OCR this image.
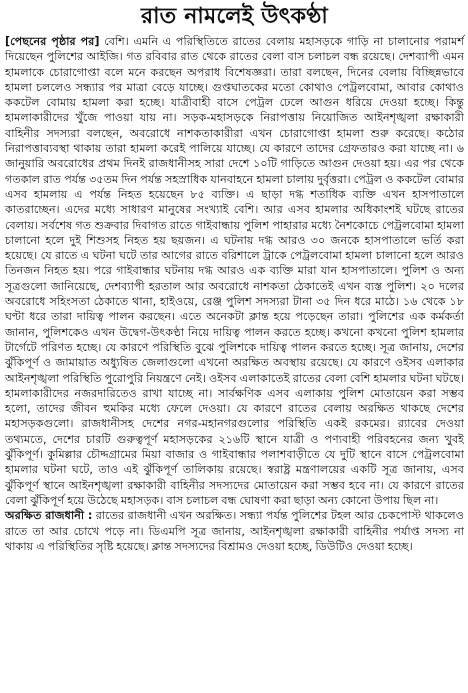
রাত নামলেই উৎকণ্ঠা

[পেছনের পৃষ্ঠার পর] বেশি। এমনি এ পরিস্থিতিতে রাতের বেলায় মহাসড়কে গাড়ি না চালানোর পরামর্শ দিয়েছেন পুলিশের আইজি। গত রবিবার রাত থেকে রাতের বেলা বাস চলাচল বন্ধ রয়েছে। দেশব্যাপী এমন হামলাকে চোরাগোপ্তা বলে মনে করছেন অপরাধ বিশেষজ্ঞরা। তারা বলছেন, দিনের বেলায় বিচ্ছিন্নভাবে হামলা চললেও সন্ধ্যার পর মাত্রা বেড়ে যাচ্ছে। গুপ্তঘাতকের মতো কোথাও পেট্রলবোমা, আবার কোথাও ককটেল বোমায় হামলা করা হচ্ছে। যাত্রীবাহী বাসে পেট্রল ঢেলে আগুন ধরিয়ে দেওয়া হচ্ছে। কিন্তু হামলাকারীদের খুঁজে পাওয়া যায় না। সড়ক-মহাসড়কে নিরাপত্তায় নিয়োজিত আইনশৃঙ্খলা রক্ষাকারী বাহিনীর সদস্যরা বলছেন, অবরোধে নাশকতাকারীরা এখন চোরাগোপ্তা হামলা শুরু করেছে। কঠোর নিরাপত্তাব্যবস্থা থাকায় তারা হামলা করেই পালিয়ে যাচ্ছে। যে কারণে তাদের গ্রেফতারও করা যাচ্ছে না। ৬ জানুয়ারি অবরোধের প্রথম দিনই রাজধানীসহ সারা দেশে ১০টি গাড়িতে আগুন দেওয়া হয়। এর পর থেকে গতকাল রাত পর্যন্ত ৩৫তম দিন পর্যন্ত সহস্রাধিক যানবাহনে হামলা চালায় দুর্বৃত্তরা। পেট্রল ও ককটেল বোমার এসব হামলায় এ পর্যন্ত নিহত হয়েছেন ৮৫ ব্যক্তি। এ ছাড়া দগ্ধ শতাধিক ব্যক্তি এখন হাসপাতালে কাতরাচ্ছেন। এদের মধ্যে সাধারণ মানুষের সংখ্যাই বেশি। আর এসব হামলার অধিকাংশই ঘটছে রাতের বেলায়। সর্বশেষ গত শুক্রবার দিবাগত রাতে গাইবান্ধায় পুলিশ পাহারার মধ্যে নৈশকোচে পেট্রলবোমা হামলা চালানো হলে দুই শিশুসহ নিহত হয় ছয়জন। এ ঘটনায় দগ্ধ আরও ৩০ জনকে হাসপাতালে ভর্তি করা হয়েছে। যে রাতে এ ঘটনা ঘটে তার আগের রাতে বরিশালে ট্রাকে পেট্রলবোমা হামলা চালানো হলে আরও তিনজন নিহত হয়। পরে গাইবান্ধার ঘটনায় দগ্ধ আরও এক ব্যক্তি মারা যান হাসপাতালে। পুলিশ ও অন্য সূত্রগুলো জানিয়েছে, দেশব্যাপী হরতাল আর অবরোধে নাশকতা ঠেকাতেই এখন ব্যস্ত পুলিশ। ২০ দলের অবরোধে সহিংসতা ঠেকাতে থানা, হাইওয়ে, রেঞ্জ পুলিশ সদস্যরা টানা ৩৫ দিন ধরে মাঠে। ১৬ থেকে ১৮ ঘণ্টা ধরে তারা দায়িত্ব পালন করছেন। এতে অনেকটা ক্লান্ত হয়ে পড়েছেন তারা। পুলিশের এক কর্মকর্তা জানান, পুলিশকেও এখন উদ্বেগ-উৎকণ্ঠা নিয়ে দায়িত্ব পালন করতে হচ্ছে। কখনো কখনো পুলিশ হামলার টার্গেটে পরিণত হচ্ছে। যে কারণে পরিস্থিতি বুঝে পুলিশকে দায়িত্ব পালন করতে হচ্ছে। সূত্র জানায়, দেশের ঝুঁকিপূর্ণ ও জামায়াত অধ্যুষিত জেলাগুলো এখনো অরক্ষিত অবস্থায় রয়েছে। যে কারণে ওইসব এলাকার আইনশৃঙ্খলা পরিস্থিতি পুরোপুরি নিয়ন্ত্রণে নেই। ওইসব এলাকাতেই রাতের বেলা বেশি হামলার ঘটনা ঘটছে। হামলাকারীদের নজরদারিতেও রাখা যাচ্ছে না। সার্বক্ষণিক এসব এলাকায় পুলিশ মোতায়েন করা সম্ভব হলো, তাদের জীবন হুমকির মধ্যে ফেলে দেওয়া। যে কারণে রাতের বেলায় অরক্ষিত থাকছে দেশের মহাসড়কগুলো। রাজধানীসহ দেশের নগর-মহানগরগুলোর পরিস্থিতি একই রকমের। র‌্যাবের দেওয়া তথ্যমতে, দেশের চারটি গুরুত্বপূর্ণ মহাসড়কের ২১৬টি স্থানে যাত্রী ও পণ্যবাহী পরিবহনের জন্য খুবই ঝুঁকিপূর্ণ। কুমিল্লার চৌদ্দগ্রামের মিয়া বাজার ও গাইবান্ধার পলাশবাড়ীতে যে দুটি স্থানে বাসে পেট্রলবোমা হামলার ঘটনা ঘটে, তাও এই ঝুঁকিপূর্ণ তালিকায় রয়েছে। স্বরাষ্ট্র মন্ত্রণালয়ের একটি সূত্র জানায়, এসব ঝুঁকিপূর্ণ স্থানে আইনশৃঙ্খলা রক্ষাকারী বাহিনীর সদস্যদের মোতায়েন করা সম্ভব হবে না। যে কারণে রাতের বেলা ঝুঁকিপূর্ণ হয়ে উঠেছে মহাসড়ক। বাস চলাচল বন্ধ ঘোষণা করা ছাড়া অন্য কোনো উপায় ছিল না।

অরক্ষিত রাজধানী : রাতের রাজধানী এখন অরক্ষিত। সন্ধ্যা পর্যন্ত পুলিশের টহল আর চেকপোস্ট থাকলেও রাতে তা আর চোখে পড়ে না। ডিএমপি সূত্র জানায়, আইনশৃঙ্খলা রক্ষাকারী বাহিনীর পর্যাপ্ত সদস্য না থাকায় এ পরিস্থিতির সৃষ্টি হয়েছে। ক্লান্ত সদস্যদের বিশ্রামও দেওয়া হচ্ছে, ডিউটিও দেওয়া হচ্ছে।
